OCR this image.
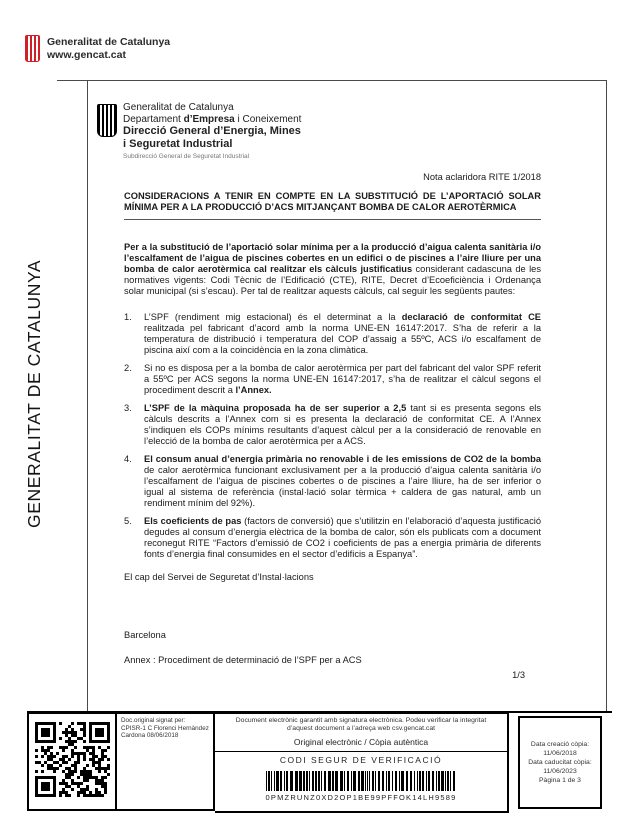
Generalitat de Catalunya
www.gencat.cat
GENERALITAT DE CATALUNYA
Generalitat de Catalunya
Departament d’Empresa i Coneixement
Direcció General d’Energia, Mines
i Seguretat Industrial
Subdirecció General de Seguretat Industrial
Nota aclaridora RITE 1/2018
CONSIDERACIONS A TENIR EN COMPTE EN LA SUBSTITUCIÓ DE L’APORTACIÓ SOLAR MÍNIMA PER A LA PRODUCCIÓ D’ACS MITJANÇANT BOMBA DE CALOR AEROTÈRMICA
Per a la substitució de l’aportació solar mínima per a la producció d’aigua calenta sanitària i/o l’escalfament de l’aigua de piscines cobertes en un edifici o de piscines a l’aire lliure per una bomba de calor aerotèrmica cal realitzar els càlculs justificatius considerant cadascuna de les normatives vigents: Codi Tècnic de l’Edificació (CTE), RITE, Decret d’Ecoeficiència i Ordenança solar municipal (si s’escau). Per tal de realitzar aquests càlculs, cal seguir les següents pautes:
1.	L’SPF (rendiment mig estacional) és el determinat a la declaració de conformitat CE realitzada pel fabricant d’acord amb la norma UNE-EN 16147:2017. S’ha de referir a la temperatura de distribució i temperatura del COP d’assaig a 55ºC, ACS i/o escalfament de piscina així com a la coincidència en la zona climàtica.
2.	Si no es disposa per a la bomba de calor aerotèrmica per part del fabricant del valor SPF referit a 55ºC per ACS segons la norma UNE-EN 16147:2017, s’ha de realitzar el càlcul segons el procediment descrit a l’Annex.
3.	L’SPF de la màquina proposada ha de ser superior a 2,5 tant si es presenta segons els càlculs descrits a l’Annex com si es presenta la declaració de conformitat CE. A l’Annex s’indiquen els COPs mínims resultants d’aquest càlcul per a la consideració de renovable en l’elecció de la bomba de calor aerotèrmica per a ACS.
4.	El consum anual d’energia primària no renovable i de les emissions de CO2 de la bomba de calor aerotèrmica funcionant exclusivament per a la producció d’aigua calenta sanitària i/o l’escalfament de l’aigua de piscines cobertes o de piscines a l’aire lliure, ha de ser inferior o igual al sistema de referència (instal·lació solar tèrmica + caldera de gas natural, amb un rendiment mínim del 92%).
5.	Els coeficients de pas (factors de conversió) que s’utilitzin en l’elaboració d’aquesta justificació degudes al consum d’energia elèctrica de la bomba de calor, són els publicats com a document reconegut RITE “Factors d’emissió de CO2 i coeficients de pas a energia primària de diferents fonts d’energia final consumides en el sector d’edificis a Espanya”.
El cap del Servei de Seguretat d’Instal·lacions
Barcelona
Annex : Procediment de determinació de l’SPF per a ACS
1/3
Doc.original signat per:
CPISR-1 C Florenci Hernàndez
Cardona 08/06/2018
Document electrònic garantit amb signatura electrònica. Podeu verificar la integritat
d’aquest document a l’adreça web csv.gencat.cat
Original electrònic / Còpia autèntica
CODI SEGUR DE VERIFICACIÓ
0PMZRUNZ0XD2OP1BE99PFFOK14LH9589
Data creació còpia:
11/06/2018
Data caducitat còpia:
11/06/2023
Pàgina 1 de 3
